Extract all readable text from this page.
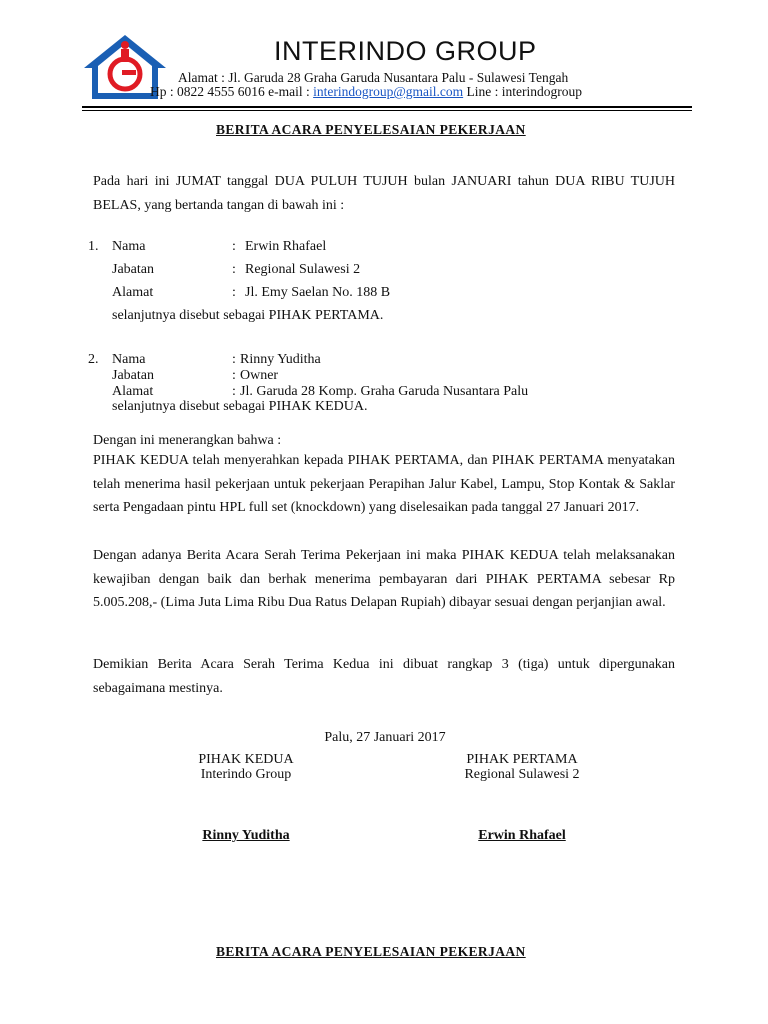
INTERINDO GROUP
Alamat : Jl. Garuda 28 Graha Garuda Nusantara Palu - Sulawesi Tengah
Hp : 0822 4555 6016 e-mail : interindogroup@gmail.com Line : interindogroup
BERITA ACARA PENYELESAIAN PEKERJAAN
Pada hari ini JUMAT tanggal DUA PULUH TUJUH bulan JANUARI tahun DUA RIBU TUJUH BELAS, yang bertanda tangan di bawah ini :
1. Nama	: Erwin Rhafael
Jabatan	: Regional Sulawesi 2
Alamat	: Jl. Emy Saelan No. 188 B
selanjutnya disebut sebagai PIHAK PERTAMA.
2. Nama	: Rinny Yuditha
Jabatan	: Owner
Alamat	: Jl. Garuda 28 Komp. Graha Garuda Nusantara Palu
selanjutnya disebut sebagai PIHAK KEDUA.
Dengan ini menerangkan bahwa :
PIHAK KEDUA telah menyerahkan kepada PIHAK PERTAMA, dan PIHAK PERTAMA menyatakan telah menerima hasil pekerjaan untuk pekerjaan Perapihan Jalur Kabel, Lampu, Stop Kontak & Saklar serta Pengadaan pintu HPL full set (knockdown) yang diselesaikan pada tanggal 27 Januari 2017.
Dengan adanya Berita Acara Serah Terima Pekerjaan ini maka PIHAK KEDUA telah melaksanakan kewajiban dengan baik dan berhak menerima pembayaran dari PIHAK PERTAMA sebesar Rp 5.005.208,- (Lima Juta Lima Ribu Dua Ratus Delapan Rupiah) dibayar sesuai dengan perjanjian awal.
Demikian Berita Acara Serah Terima Kedua ini dibuat rangkap 3 (tiga) untuk dipergunakan sebagaimana mestinya.
Palu, 27 Januari 2017
PIHAK KEDUA
Interindo Group
Rinny Yuditha
PIHAK PERTAMA
Regional Sulawesi 2
Erwin Rhafael
BERITA ACARA PENYELESAIAN PEKERJAAN
